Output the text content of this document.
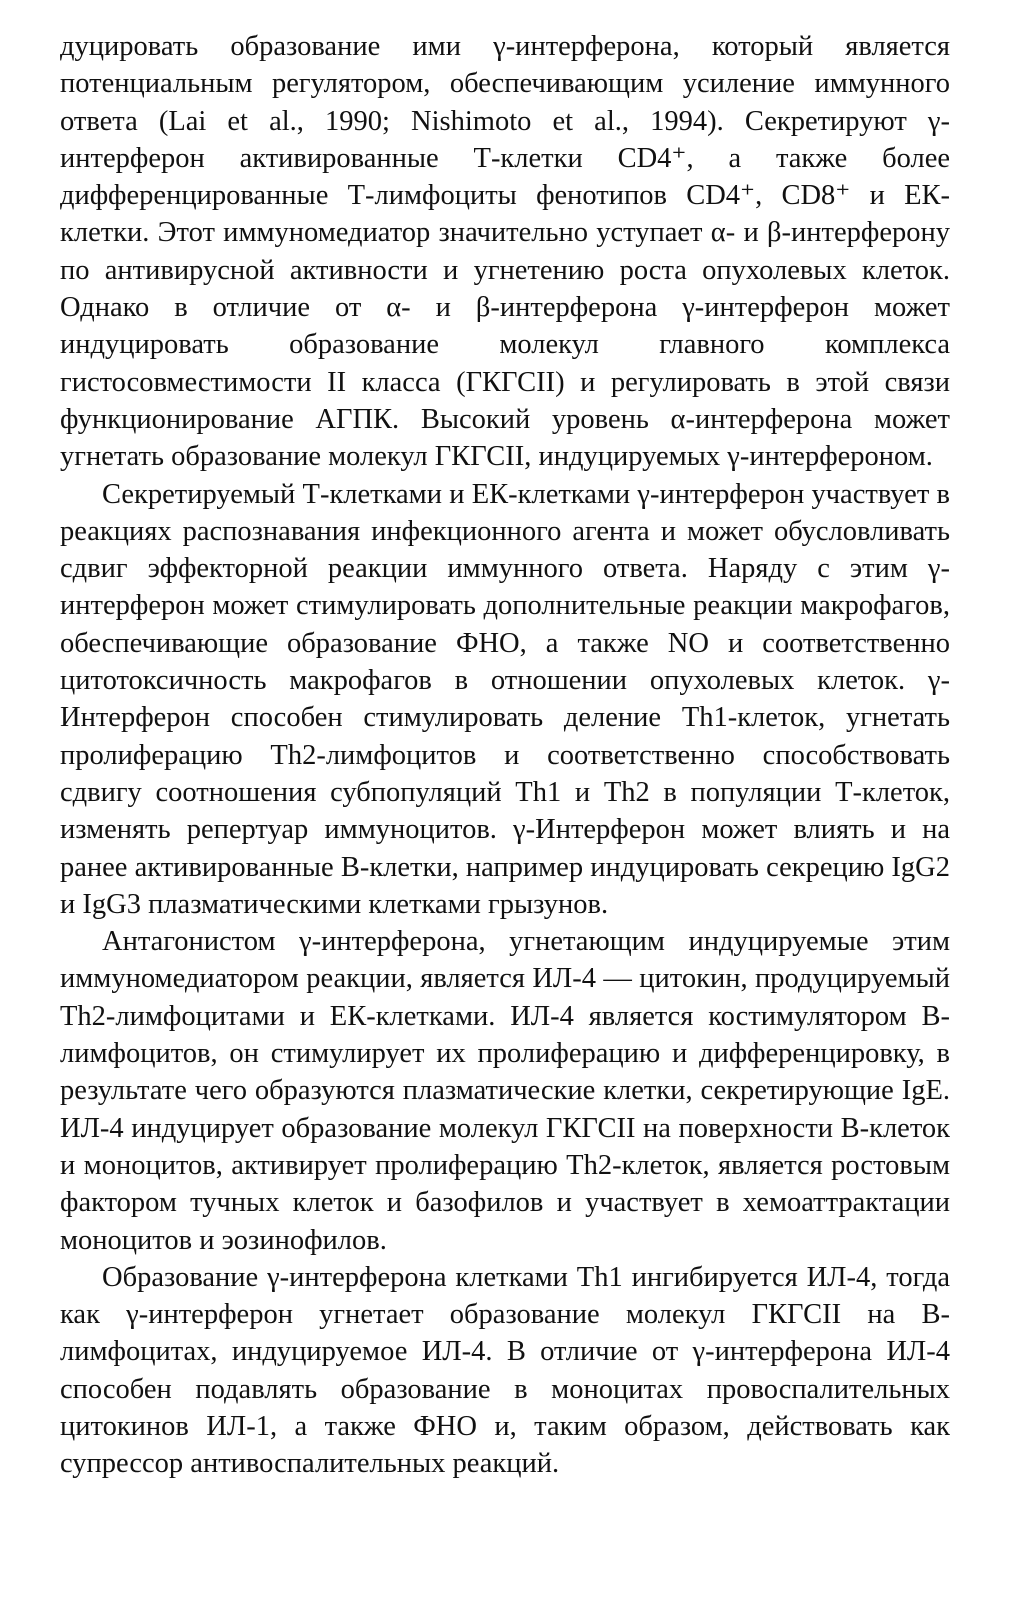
дуцировать образование ими γ-интерферона, который является потенциальным регулятором, обеспечивающим усиление иммунного ответа (Lai et al., 1990; Nishimoto et al., 1994). Секретируют γ-интерферон активированные Т-клетки CD4⁺, а также более дифференцированные Т-лимфоциты фенотипов CD4⁺, CD8⁺ и ЕК-клетки. Этот иммуномедиатор значительно уступает α- и β-интерферону по антивирусной активности и угнетению роста опухолевых клеток. Однако в отличие от α- и β-интерферона γ-интерферон может индуцировать образование молекул главного комплекса гистосовместимости II класса (ГКГСII) и регулировать в этой связи функционирование АГПК. Высокий уровень α-интерферона может угнетать образование молекул ГКГСII, индуцируемых γ-интерфероном.

Секретируемый Т-клетками и ЕК-клетками γ-интерферон участвует в реакциях распознавания инфекционного агента и может обусловливать сдвиг эффекторной реакции иммунного ответа. Наряду с этим γ-интерферон может стимулировать дополнительные реакции макрофагов, обеспечивающие образование ФНО, а также NO и соответственно цитотоксичность макрофагов в отношении опухолевых клеток. γ-Интерферон способен стимулировать деление Th1-клеток, угнетать пролиферацию Th2-лимфоцитов и соответственно способствовать сдвигу соотношения субпопуляций Th1 и Th2 в популяции Т-клеток, изменять репертуар иммуноцитов. γ-Интерферон может влиять и на ранее активированные В-клетки, например индуцировать секрецию IgG2 и IgG3 плазматическими клетками грызунов.

Антагонистом γ-интерферона, угнетающим индуцируемые этим иммуномедиатором реакции, является ИЛ-4 — цитокин, продуцируемый Th2-лимфоцитами и ЕК-клетками. ИЛ-4 является костимулятором В-лимфоцитов, он стимулирует их пролиферацию и дифференцировку, в результате чего образуются плазматические клетки, секретирующие IgE. ИЛ-4 индуцирует образование молекул ГКГСII на поверхности В-клеток и моноцитов, активирует пролиферацию Th2-клеток, является ростовым фактором тучных клеток и базофилов и участвует в хемоаттрактации моноцитов и эозинофилов.

Образование γ-интерферона клетками Th1 ингибируется ИЛ-4, тогда как γ-интерферон угнетает образование молекул ГКГСII на В-лимфоцитах, индуцируемое ИЛ-4. В отличие от γ-интерферона ИЛ-4 способен подавлять образование в моноцитах провоспалительных цитокинов ИЛ-1, а также ФНО и, таким образом, действовать как супрессор антивоспалительных реакций.
